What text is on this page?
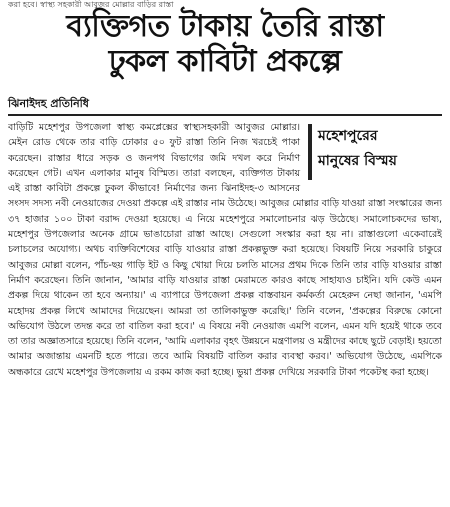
করা হবে। স্বাস্থ্য সহকারী আবুজর মোল্লার বাড়ির রাস্তা
ব্যক্তিগত টাকায় তৈরি রাস্তা
ঢুকল কাবিটা প্রকল্পে
ঝিনাইদহ প্রতিনিধি
মহেশপুরের
মানুষের বিস্ময়

বাড়িটি মহেশপুর উপজেলা স্বাস্থ্য কমপ্লেক্সের স্বাস্থ্যসহকারী আবুজর মোল্লার। মেইন রোড থেকে তার বাড়ি ঢোকার ৫০ ফুট রাস্তা তিনি নিজ খরচেই পাকা করেছেন। রাস্তার ধারে সড়ক ও জনপথ বিভাগের জমি দখল করে নির্মাণ করেছেন গেট। এখন এলাকার মানুষ বিস্মিত। তারা বলছেন, ব্যক্তিগত টাকায় এই রাস্তা কাবিটা প্রকল্পে ঢুকল কীভাবে! নির্মাণের জন্য ঝিনাইদহ-৩ আসনের সংসদ সদস্য নবী নেওয়াজের দেওয়া প্রকল্পে এই রাস্তার নাম উঠেছে। আবুজর মোল্লার বাড়ি যাওয়া রাস্তা সংস্কারের জন্য ৩৭ হাজার ১০০ টাকা বরাদ্দ দেওয়া হয়েছে। এ নিয়ে মহেশপুরে সমালোচনার ঝড় উঠেছে। সমালোচকদের ভাষ্য, মহেশপুর উপজেলার অনেক গ্রামে ভাঙাচোরা রাস্তা আছে। সেগুলো সংস্কার করা হয় না। রাস্তাগুলো একেবারেই চলাচলের অযোগ্য। অথচ ব্যক্তিবিশেষের বাড়ি যাওয়ার রাস্তা প্রকল্পভুক্ত করা হয়েছে। বিষয়টি নিয়ে সরকারি চাকুরে আবুজর মোল্লা বলেন, পাঁচ-ছয় গাড়ি ইট ও কিছু খোয়া দিয়ে চলতি মাসের প্রথম দিকে তিনি তার বাড়ি যাওয়ার রাস্তা নির্মাণ করেছেন। তিনি জানান, 'আমার বাড়ি যাওয়ার রাস্তা মেরামতে কারও কাছে সাহায্যও চাইনি। যদি কেউ এমন প্রকল্প দিয়ে থাকেন তা হবে অন্যায়।' এ ব্যাপারে উপজেলা প্রকল্প বাস্তবায়ন কর্মকর্তা মেহেরুন নেছা জানান, 'এমপি মহোদয় প্রকল্প লিখে আমাদের দিয়েছেন। আমরা তা তালিকাভুক্ত করেছি।' তিনি বলেন, 'প্রকল্পের বিরুদ্ধে কোনো অভিযোগ উঠলে তদন্ত করে তা বাতিল করা হবে।' এ বিষয়ে নবী নেওয়াজ এমপি বলেন, এমন যদি হয়েই থাকে তবে তা তার অজ্ঞাতসারে হয়েছে। তিনি বলেন, 'আমি এলাকার বৃহৎ উন্নয়নে মন্ত্রণালয় ও মন্ত্রীদের কাছে ছুটে বেড়াই। হয়তো আমার অজান্তায় এমনটি হতে পারে। তবে আমি বিষয়টি বাতিল করার ব্যবস্থা করব।' অভিযোগ উঠেছে, এমপিকে অন্ধকারে রেখে মহেশপুর উপজেলায় এ রকম কাজ করা হচ্ছে। ভুয়া প্রকল্প দেখিয়ে সরকারি টাকা পকেটস্থ করা হচ্ছে।
